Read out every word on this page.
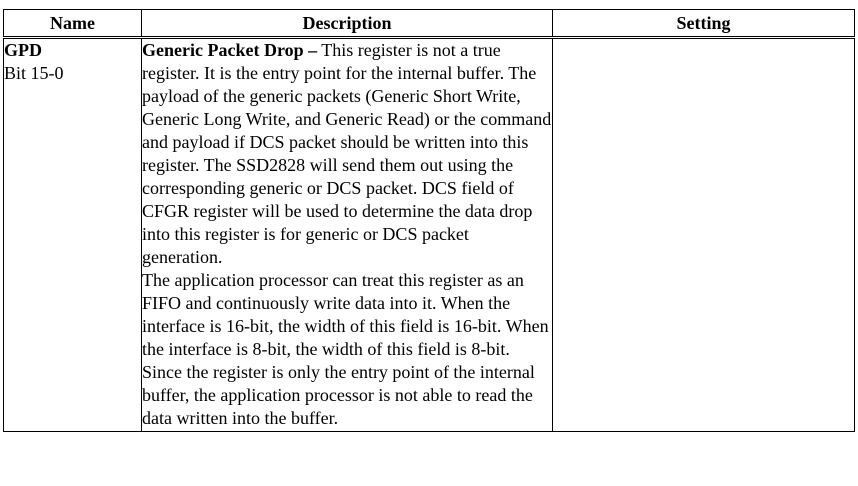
Name	Description	Setting

GPD
Bit 15-0	Generic Packet Drop – This register is not a true register. It is the entry point for the internal buffer. The payload of the generic packets (Generic Short Write, Generic Long Write, and Generic Read) or the command and payload if DCS packet should be written into this register. The SSD2828 will send them out using the corresponding generic or DCS packet. DCS field of CFGR register will be used to determine the data drop into this register is for generic or DCS packet generation.
The application processor can treat this register as an FIFO and continuously write data into it. When the interface is 16-bit, the width of this field is 16-bit. When the interface is 8-bit, the width of this field is 8-bit. Since the register is only the entry point of the internal buffer, the application processor is not able to read the data written into the buffer.	
